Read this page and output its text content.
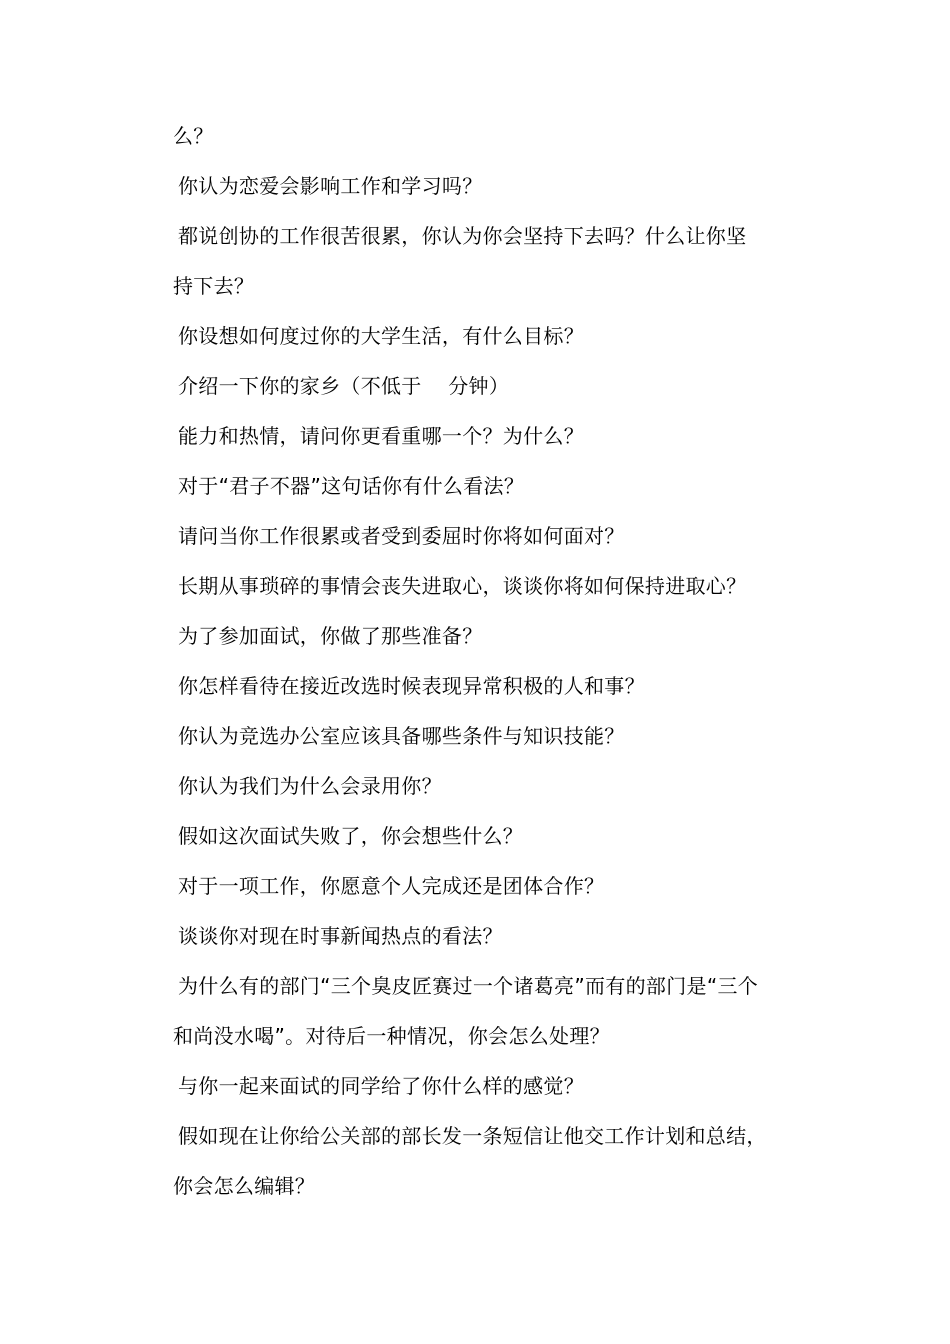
么？
你认为恋爱会影响工作和学习吗？
都说创协的工作很苦很累，你认为你会坚持下去吗？什么让你坚
持下去？
你设想如何度过你的大学生活，有什么目标？
介绍一下你的家乡（不低于    分钟）
能力和热情，请问你更看重哪一个？为什么？
对于“君子不器”这句话你有什么看法？
请问当你工作很累或者受到委屈时你将如何面对？
长期从事琐碎的事情会丧失进取心，谈谈你将如何保持进取心？
为了参加面试，你做了那些准备？
你怎样看待在接近改选时候表现异常积极的人和事？
你认为竞选办公室应该具备哪些条件与知识技能？
你认为我们为什么会录用你？
假如这次面试失败了，你会想些什么？
对于一项工作，你愿意个人完成还是团体合作？
谈谈你对现在时事新闻热点的看法？
为什么有的部门“三个臭皮匠赛过一个诸葛亮”而有的部门是“三个
和尚没水喝”。对待后一种情况，你会怎么处理？
与你一起来面试的同学给了你什么样的感觉？
假如现在让你给公关部的部长发一条短信让他交工作计划和总结，
你会怎么编辑？
